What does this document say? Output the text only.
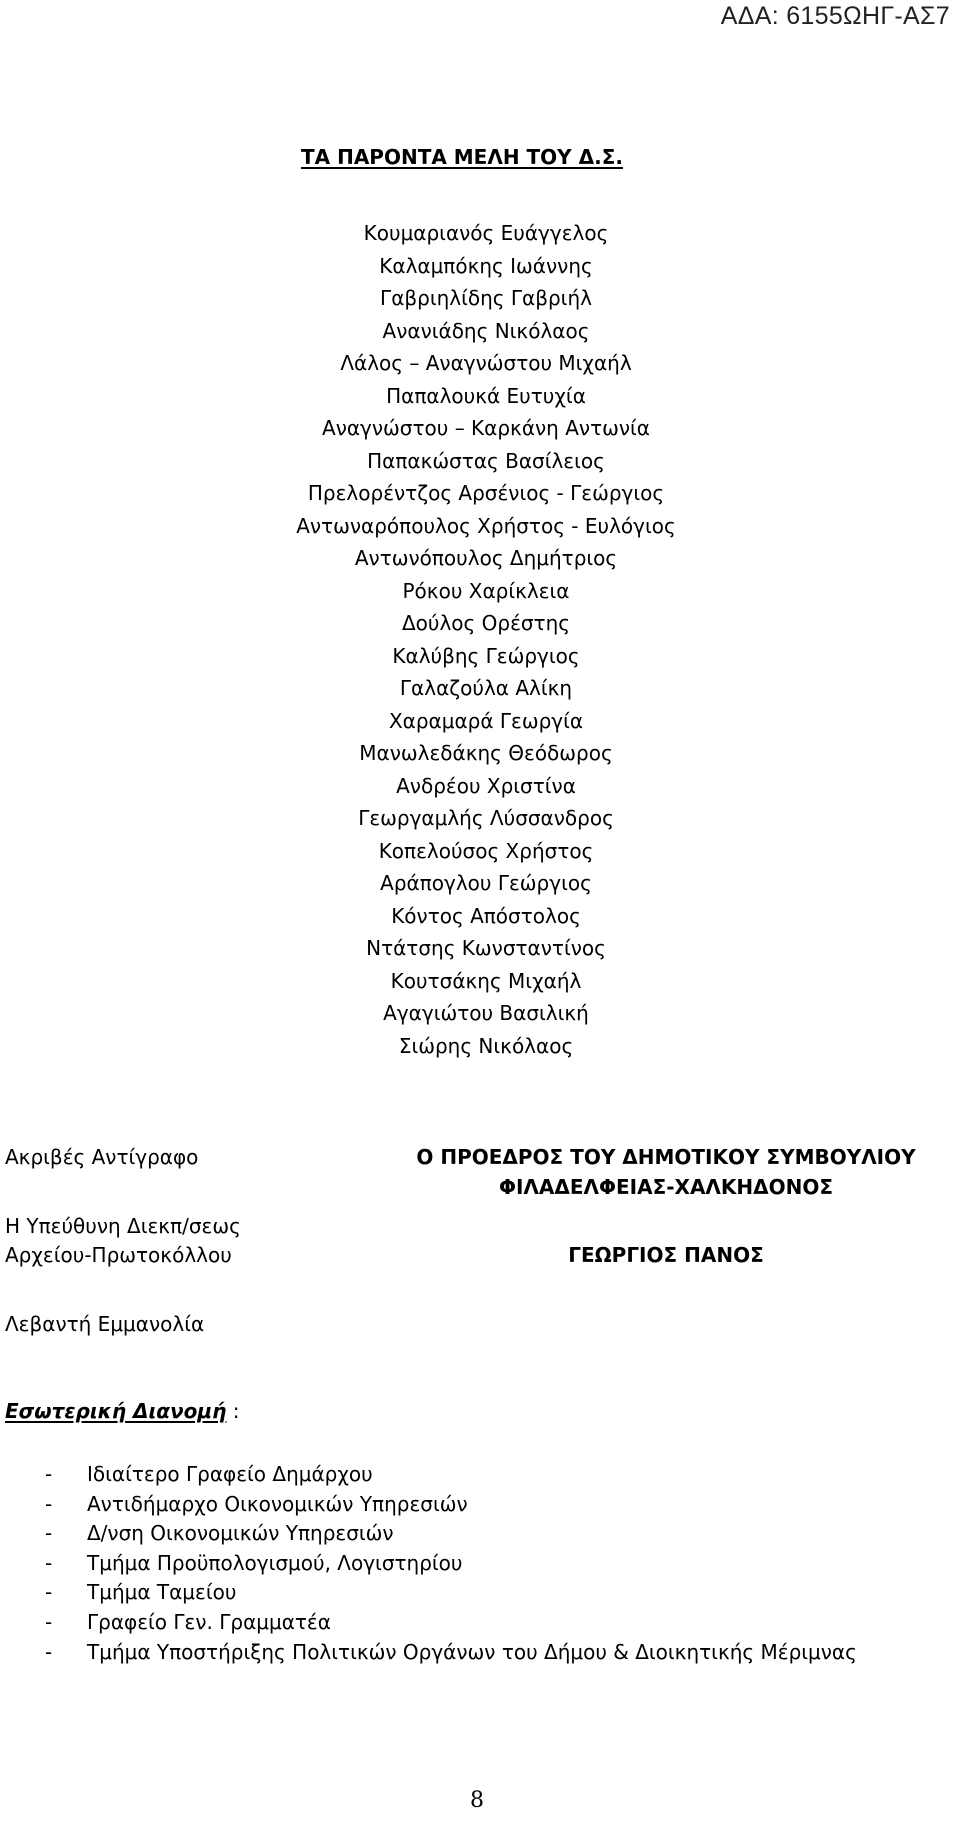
ΑΔΑ: 6155ΩΗΓ-ΑΣ7
ΤΑ ΠΑΡΟΝΤΑ ΜΕΛΗ ΤΟΥ Δ.Σ.
Κουμαριανός Ευάγγελος
Καλαμπόκης Ιωάννης
Γαβριηλίδης Γαβριήλ
Ανανιάδης Νικόλαος
Λάλος – Αναγνώστου Μιχαήλ
Παπαλουκά Ευτυχία
Αναγνώστου – Καρκάνη Αντωνία
Παπακώστας Βασίλειος
Πρελορέντζος Αρσένιος - Γεώργιος
Αντωναρόπουλος Χρήστος - Ευλόγιος
Αντωνόπουλος Δημήτριος
Ρόκου Χαρίκλεια
Δούλος Ορέστης
Καλύβης Γεώργιος
Γαλαζούλα Αλίκη
Χαραμαρά Γεωργία
Μανωλεδάκης Θεόδωρος
Ανδρέου Χριστίνα
Γεωργαμλής Λύσσανδρος
Κοπελούσος Χρήστος
Αράπογλου Γεώργιος
Κόντος Απόστολος
Ντάτσης Κωνσταντίνος
Κουτσάκης Μιχαήλ
Αγαγιώτου Βασιλική
Σιώρης Νικόλαος
Ακριβές Αντίγραφο
Η Υπεύθυνη Διεκπ/σεως
Αρχείου-Πρωτοκόλλου
Λεβαντή Εμμανολία
Ο ΠΡΟΕΔΡΟΣ ΤΟΥ ΔΗΜΟΤΙΚΟΥ ΣΥΜΒΟΥΛΙΟΥ
ΦΙΛΑΔΕΛΦΕΙΑΣ-ΧΑΛΚΗΔΟΝΟΣ
ΓΕΩΡΓΙΟΣ ΠΑΝΟΣ
Εσωτερική Διανομή :
- Ιδιαίτερο Γραφείο Δημάρχου
- Αντιδήμαρχο Οικονομικών Υπηρεσιών
- Δ/νση Οικονομικών Υπηρεσιών
- Τμήμα Προϋπολογισμού, Λογιστηρίου
- Τμήμα Ταμείου
- Γραφείο Γεν. Γραμματέα
- Τμήμα Υποστήριξης Πολιτικών Οργάνων του Δήμου & Διοικητικής Μέριμνας
8
